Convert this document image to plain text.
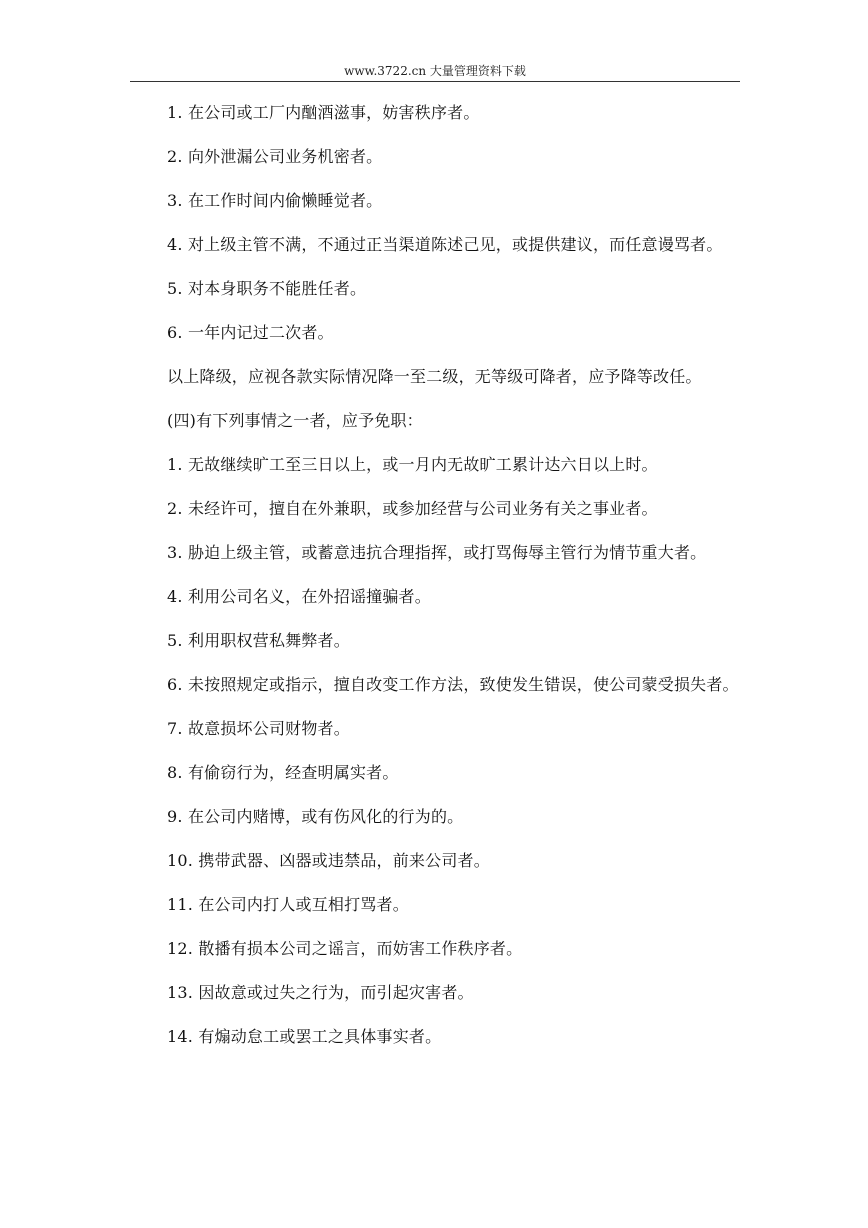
www.3722.cn 大量管理资料下载

1. 在公司或工厂内酗酒滋事，妨害秩序者。

2. 向外泄漏公司业务机密者。

3. 在工作时间内偷懒睡觉者。

4. 对上级主管不满，不通过正当渠道陈述己见，或提供建议，而任意谩骂者。

5. 对本身职务不能胜任者。

6. 一年内记过二次者。

以上降级，应视各款实际情况降一至二级，无等级可降者，应予降等改任。

(四)有下列事情之一者，应予免职：

1. 无故继续旷工至三日以上，或一月内无故旷工累计达六日以上时。

2. 未经许可，擅自在外兼职，或参加经营与公司业务有关之事业者。

3. 胁迫上级主管，或蓄意违抗合理指挥，或打骂侮辱主管行为情节重大者。

4. 利用公司名义，在外招谣撞骗者。

5. 利用职权营私舞弊者。

6. 未按照规定或指示，擅自改变工作方法，致使发生错误，使公司蒙受损失者。

7. 故意损坏公司财物者。

8. 有偷窃行为，经查明属实者。

9. 在公司内赌博，或有伤风化的行为的。

10. 携带武器、凶器或违禁品，前来公司者。

11. 在公司内打人或互相打骂者。

12. 散播有损本公司之谣言，而妨害工作秩序者。

13. 因故意或过失之行为，而引起灾害者。

14. 有煽动怠工或罢工之具体事实者。
